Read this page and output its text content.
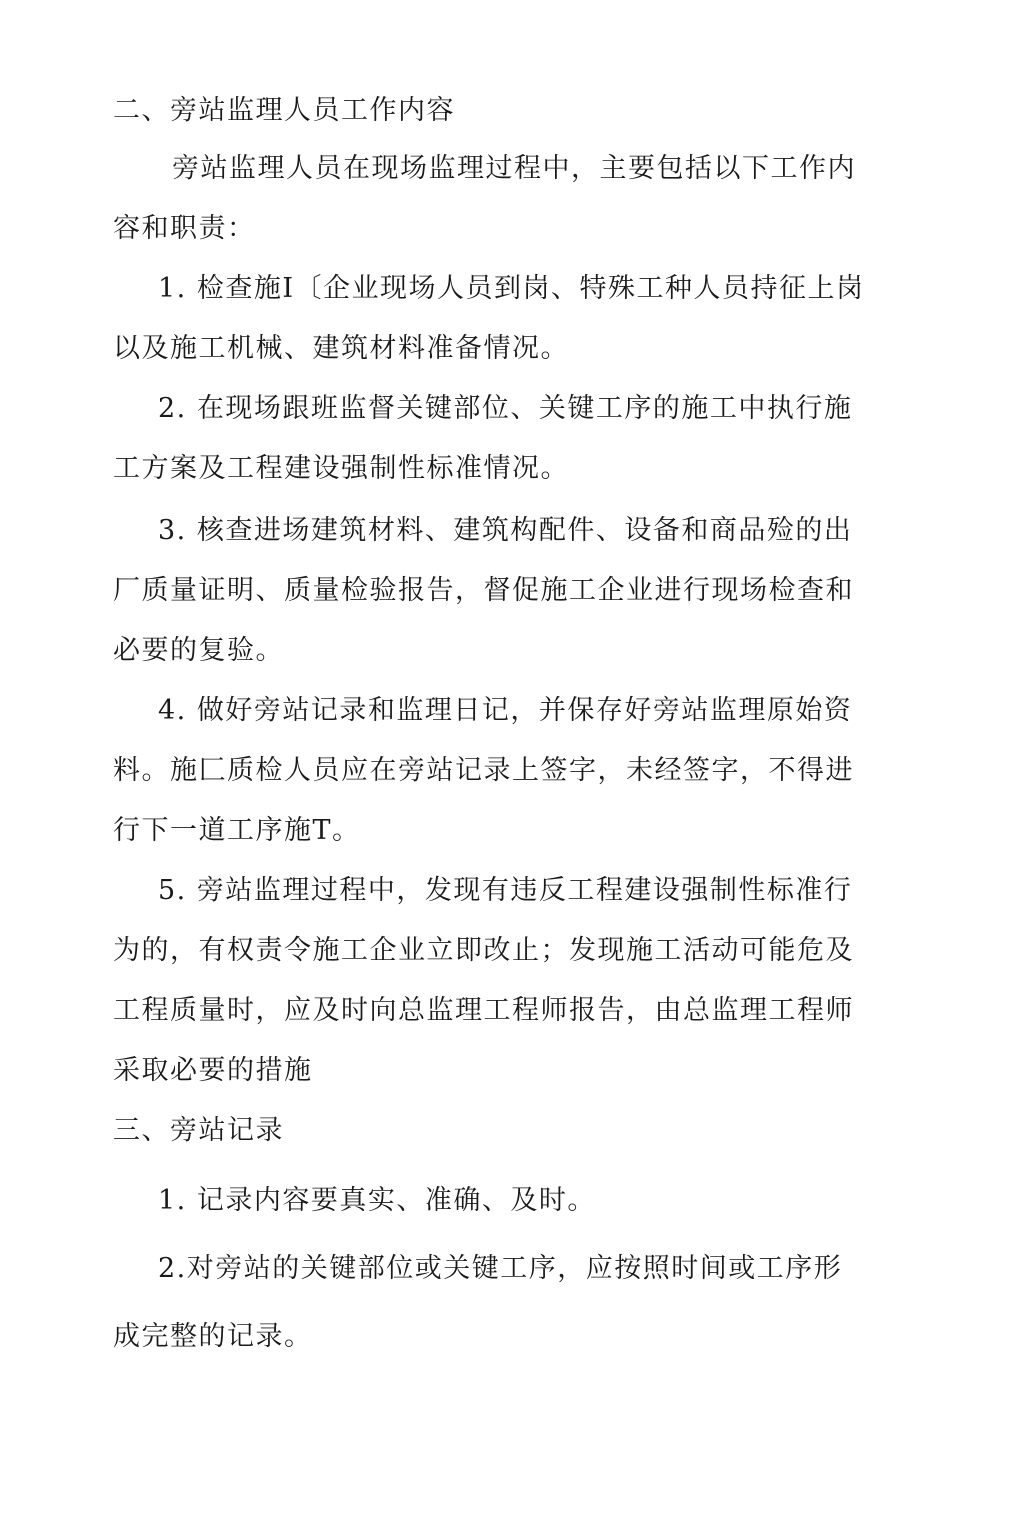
二、旁站监理人员工作内容
旁站监理人员在现场监理过程中，主要包括以下工作内
容和职责：
1. 检查施I〔企业现场人员到岗、特殊工种人员持征上岗
以及施工机械、建筑材料准备情况。
2. 在现场跟班监督关键部位、关键工序的施工中执行施
工方案及工程建设强制性标准情况。
3. 核查进场建筑材料、建筑构配件、设备和商品殓的出
厂质量证明、质量检验报告，督促施工企业进行现场检查和
必要的复验。
4. 做好旁站记录和监理日记，并保存好旁站监理原始资
料。施匚质检人员应在旁站记录上签字，未经签字，不得进
行下一道工序施T。
5. 旁站监理过程中，发现有违反工程建设强制性标准行
为的，有权责令施工企业立即改止；发现施工活动可能危及
工程质量时，应及时向总监理工程师报告，由总监理工程师
采取必要的措施
三、旁站记录
1. 记录内容要真实、准确、及时。
2.对旁站的关键部位或关键工序，应按照时间或工序形
成完整的记录。
